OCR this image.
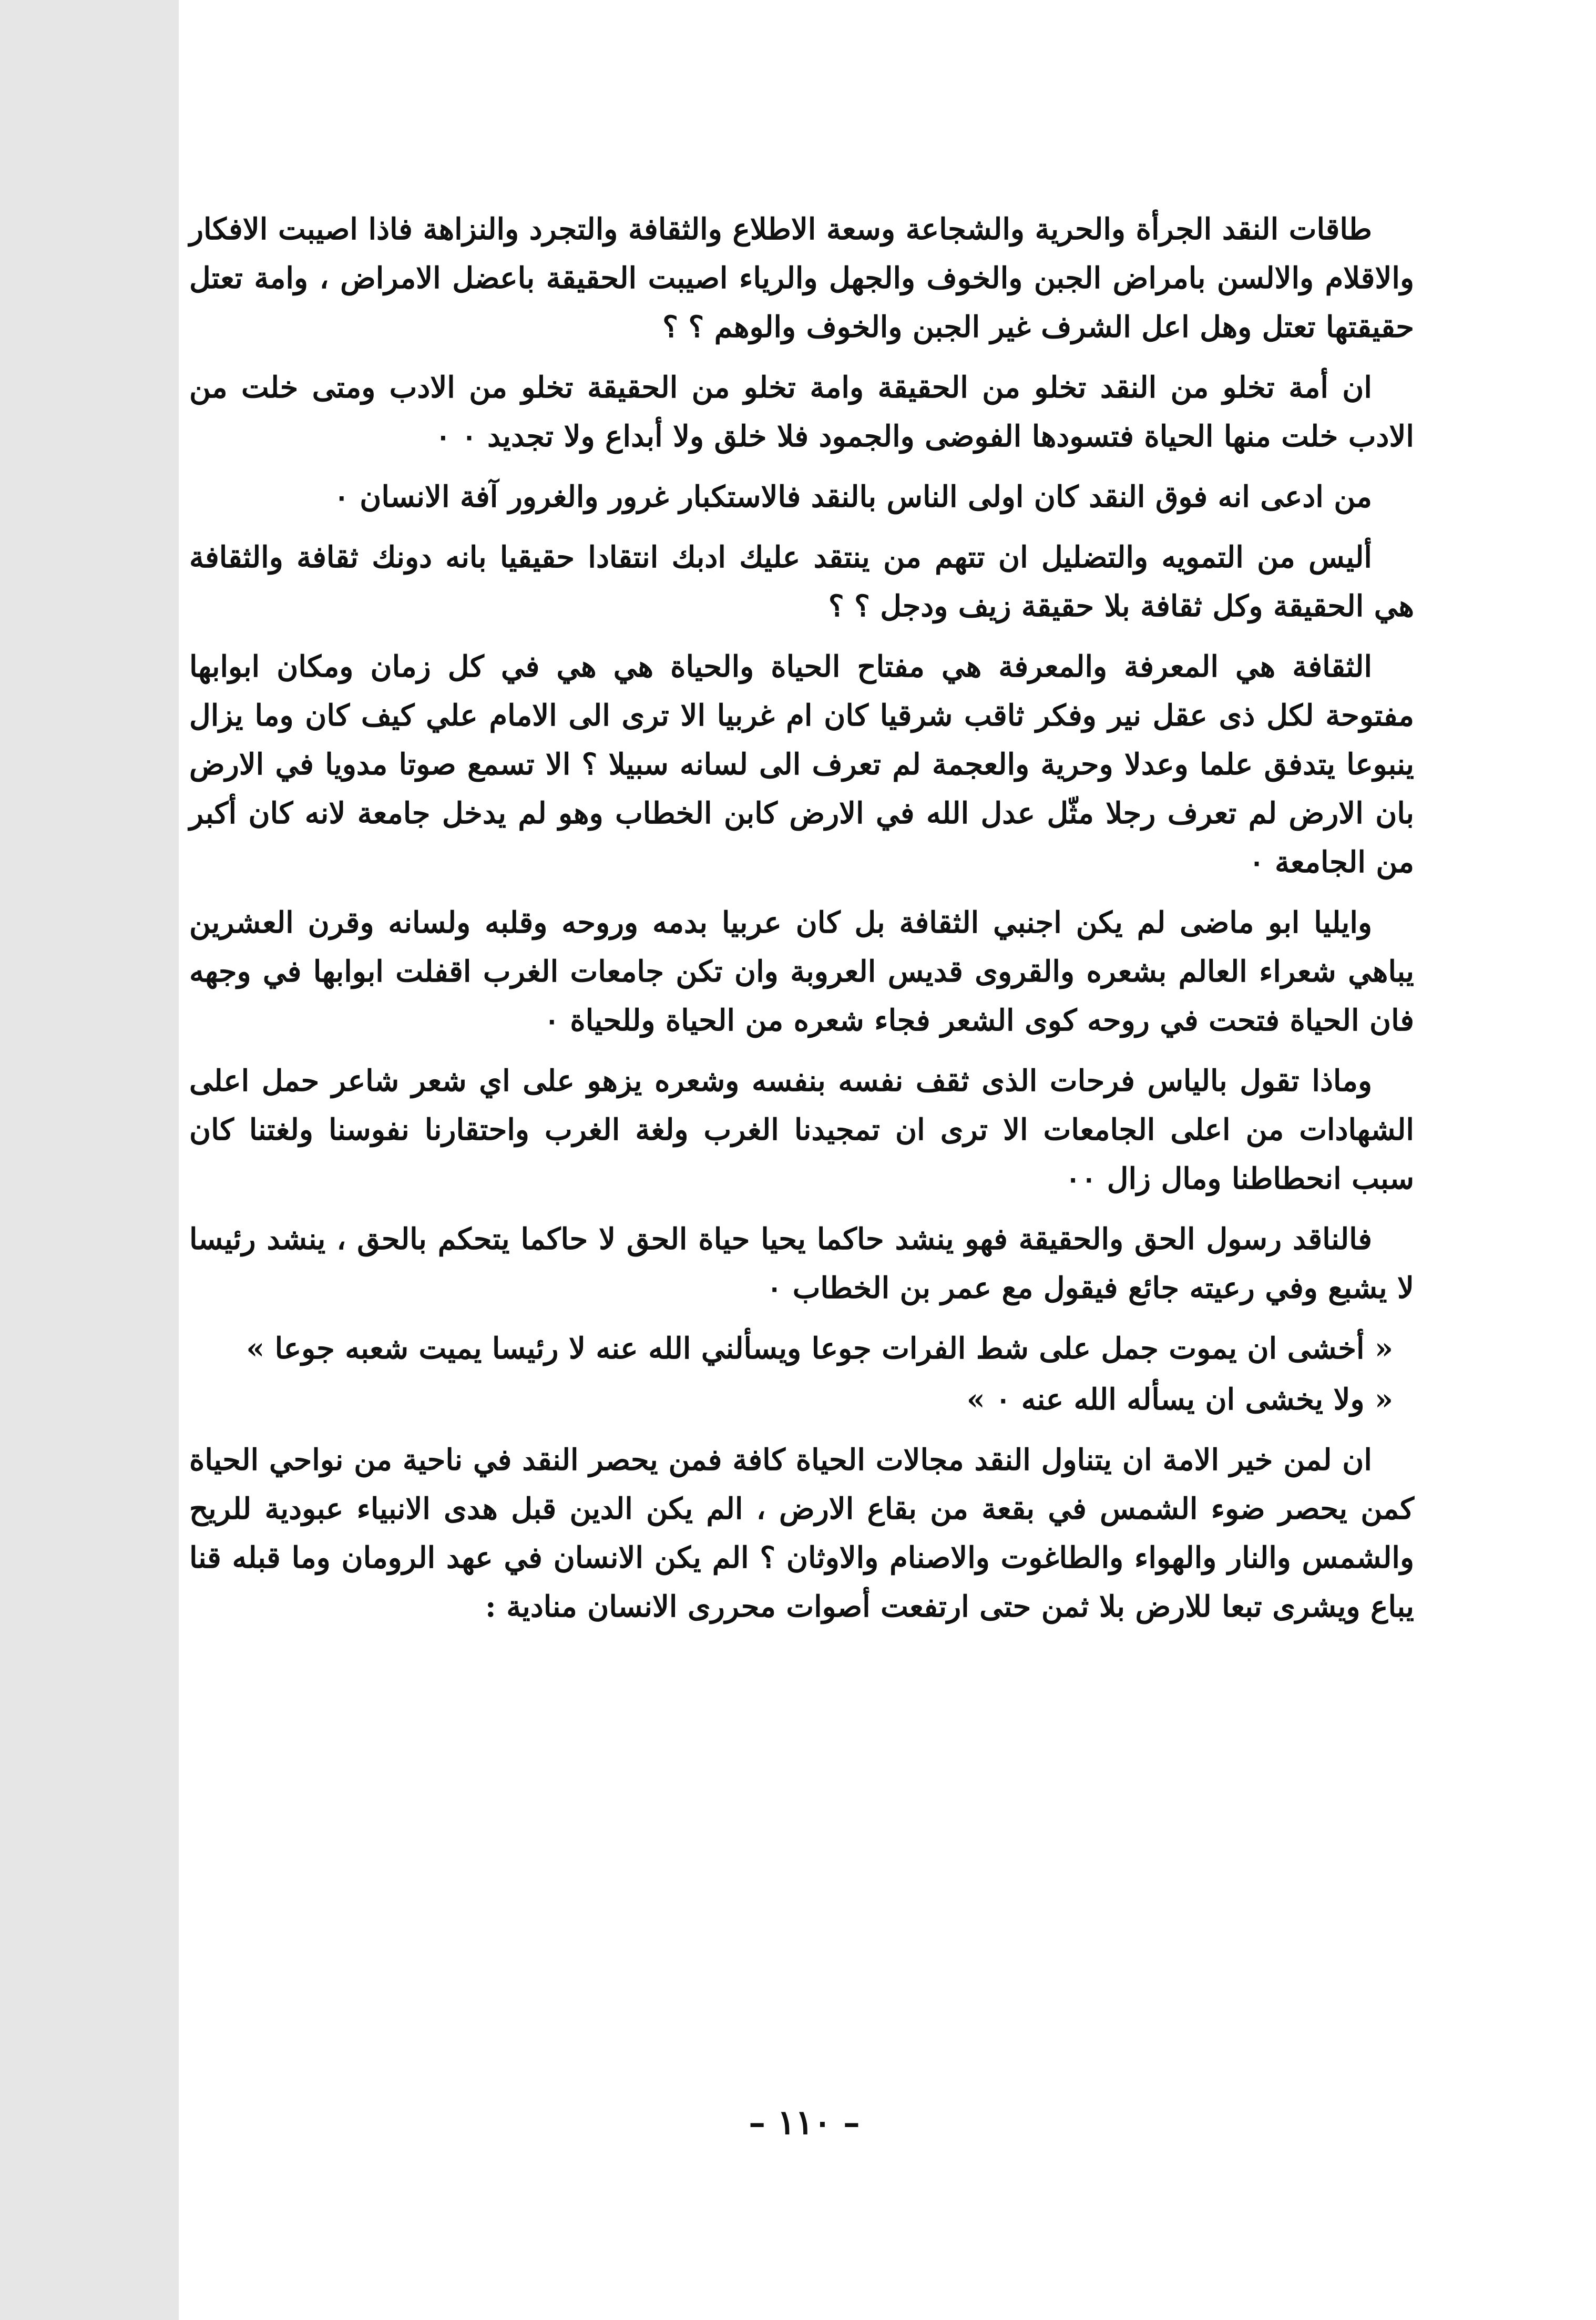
طاقات النقد الجرأة والحرية والشجاعة وسعة الاطلاع والثقافة والتجرد والنزاهة فاذا اصيبت الافكار والاقلام والالسن بامراض الجبن والخوف والجهل والرياء اصيبت الحقيقة باعضل الامراض ، وامة تعتل حقيقتها تعتل وهل اعل الشرف غير الجبن والخوف والوهم ؟ ؟

ان أمة تخلو من النقد تخلو من الحقيقة وامة تخلو من الحقيقة تخلو من الادب ومتى خلت من الادب خلت منها الحياة فتسودها الفوضى والجمود فلا خلق ولا أبداع ولا تجديد ٠ ٠

من ادعى انه فوق النقد كان اولى الناس بالنقد فالاستكبار غرور والغرور آفة الانسان ٠

أليس من التمويه والتضليل ان تتهم من ينتقد عليك ادبك انتقادا حقيقيا بانه دونك ثقافة والثقافة هي الحقيقة وكل ثقافة بلا حقيقة زيف ودجل ؟ ؟

الثقافة هي المعرفة والمعرفة هي مفتاح الحياة والحياة هي هي في كل زمان ومكان ابوابها مفتوحة لكل ذى عقل نير وفكر ثاقب شرقيا كان ام غربيا الا ترى الى الامام علي كيف كان وما يزال ينبوعا يتدفق علما وعدلا وحرية والعجمة لم تعرف الى لسانه سبيلا ؟ الا تسمع صوتا مدويا في الارض بان الارض لم تعرف رجلا مثّل عدل الله في الارض كابن الخطاب وهو لم يدخل جامعة لانه كان أكبر من الجامعة ٠

وايليا ابو ماضى لم يكن اجنبي الثقافة بل كان عربيا بدمه وروحه وقلبه ولسانه وقرن العشرين يباهي شعراء العالم بشعره والقروى قديس العروبة وان تكن جامعات الغرب اقفلت ابوابها في وجهه فان الحياة فتحت في روحه كوى الشعر فجاء شعره من الحياة وللحياة ٠

وماذا تقول بالياس فرحات الذى ثقف نفسه بنفسه وشعره يزهو على اي شعر شاعر حمل اعلى الشهادات من اعلى الجامعات الا ترى ان تمجيدنا الغرب ولغة الغرب واحتقارنا نفوسنا ولغتنا كان سبب انحطاطنا ومال زال ٠٠

فالناقد رسول الحق والحقيقة فهو ينشد حاكما يحيا حياة الحق لا حاكما يتحكم بالحق ، ينشد رئيسا لا يشبع وفي رعيته جائع فيقول مع عمر بن الخطاب ٠

« أخشى ان يموت جمل على شط الفرات جوعا ويسألني الله عنه لا رئيسا يميت شعبه جوعا »

« ولا يخشى ان يسأله الله عنه ٠ »

ان لمن خير الامة ان يتناول النقد مجالات الحياة كافة فمن يحصر النقد في ناحية من نواحي الحياة كمن يحصر ضوء الشمس في بقعة من بقاع الارض ، الم يكن الدين قبل هدى الانبياء عبودية للريح والشمس والنار والهواء والطاغوت والاصنام والاوثان ؟ الم يكن الانسان في عهد الرومان وما قبله قنا يباع ويشرى تبعا للارض بلا ثمن حتى ارتفعت أصوات محررى الانسان منادية :

– ١١٠ –
